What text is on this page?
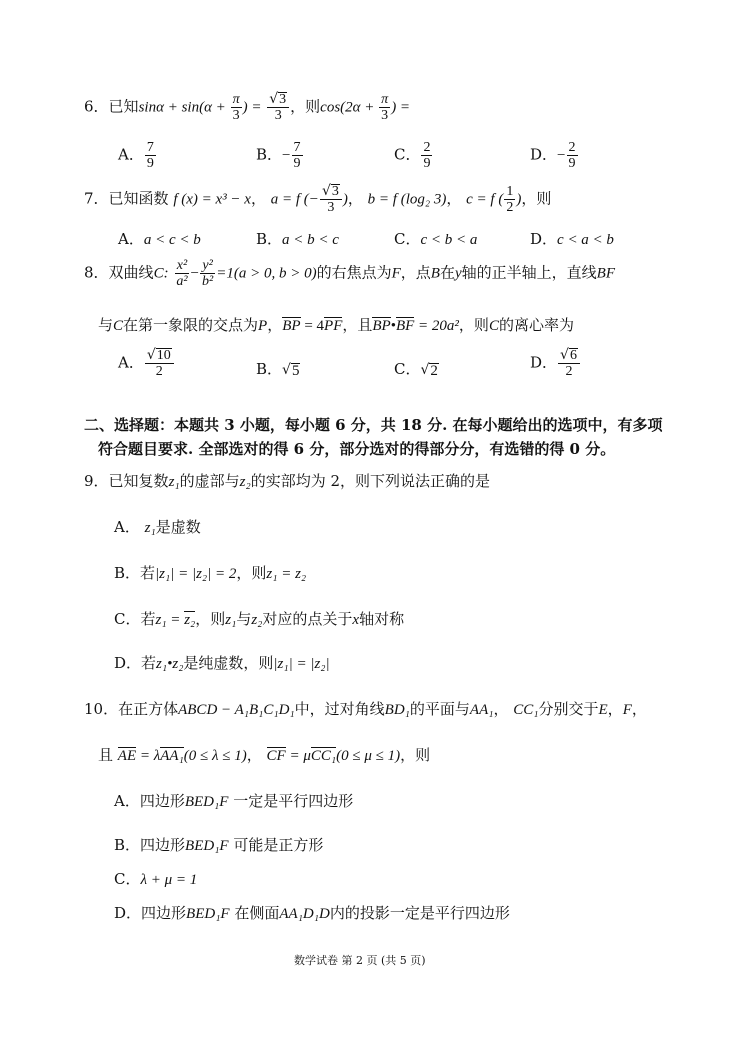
6．已知$\sin\alpha + \sin(\alpha + \frac{\pi}{3}$ ) = $\frac{√ 3}{3}$ ，则$\cos(2\alpha + \frac{\pi}{3}$ ) =
A． $\frac{7}{9}$	B．− $\frac{7}{9}$	C． $\frac{2}{9}$	D．− $\frac{2}{9}$
7．已知函数 f (x) = x³ − x， a = f (− $\frac{√ 3}{3}$ )， b = f (log₂ 3)， c = f ( $\frac{1}{2}$ )，则
A．a < c < b	B．a < b < c	C．c < b < a	D．c < a < b
8．双曲线C: $\frac{\text{x²}}{\text{a²}} - \frac{\text{y²}}{\text{b²}} =1(a > 0$, b > 0)的右焦点为F，点B在y轴的正半轴上，直线BF
与C在第一象限的交点为P，BP = 4PF，且BP•BF = 20a²，则C的离心率为
A． $\frac{√ 10}{2}$	B． √ 5	C． √ 2	D． $\frac{√ 6}{2}$
二、选择题：本题共 3 小题，每小题 6 分，共 18 分. 在每小题给出的选项中，有多项
符合题目要求. 全部选对的得 6 分，部分选对的得部分分，有选错的得 0 分。
9．已知复数z₁的虚部与z₂的实部均为 2，则下列说法正确的是
A． z₁是虚数
B．若|z₁| = |z₂| = 2，则z₁ = z₂
C．若z₁ = z₂，则z₁与z₂对应的点关于x轴对称
D．若z₁•z₂是纯虚数，则|z₁| = |z₂|
10．在正方体ABCD − A₁B₁C₁D₁中，过对角线BD₁的平面与AA₁， CC₁分别交于E，F，
且 AE = λAA₁(0 ≤ λ ≤ 1)， CF = μCC₁(0 ≤ μ ≤ 1)，则
A．四边形BED₁F 一定是平行四边形
B．四边形BED₁F 可能是正方形
C．λ + μ = 1
D．四边形BED₁F 在侧面AA₁D₁D内的投影一定是平行四边形
数学试卷 第 2 页 (共 5 页)
